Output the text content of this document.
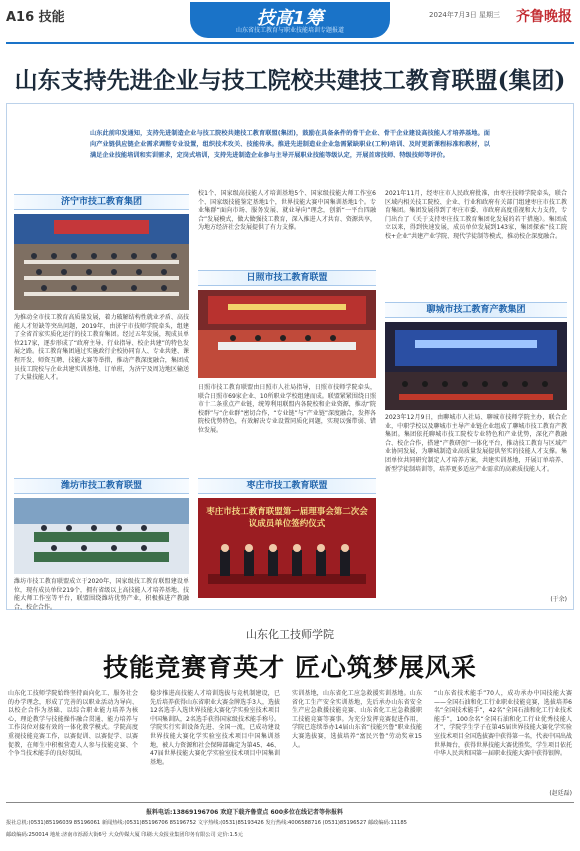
A16 技能	技高1筹
山东省技工教育与职业技能培训专题报道
2024年7月3日 星期三 齐鲁晚报
山东支持先进企业与技工院校共建技工教育联盟(集团)
山东此前印发通知，支持先进制造企业与技工院校共建技工教育联盟(集团)，鼓励在具备条件的骨干企业、骨干企业建设高技能人才培养基地。面向产业链供应链企业需求调整专业设置，组织技术攻关、技能传承。推进先进制造业企业急需紧缺职业(工种)培训、及时更新课程标准和教材，以满足企业技能培训和实训需求，定岗式培训，支持先进制造企业参与主导开展职业技能等级认定，开展首席技师、特级技师等评价。
济宁市技工教育集团
为推动全市技工教育高质量发展，着力破解结构性就业矛盾、高技能人才短缺等突出问题，2019年，由济宁市技师学院牵头，组建了全省首家实质化运行的技工教育集团。经过五年发展，现成员单位217家，逐步形成了“政府主导、行业指导、校企共建”的特色发展之路。技工教育集团通过实施政行企校协同育人、专业共建、课程开发、师资互聘、技能大赛等举措，推动产教深度融合，集团成员技工院校与企业共建实训基地、订单班，为济宁及周边地区输送了大量技能人才。
潍坊市技工教育联盟
潍坊市技工教育联盟成立于2020年，国家级技工教育联盟建设单位，现有成员单位219个，拥有省级以上高技能人才培养基地、技能大师工作室等平台，联盟围绕潍坊优势产业，积极推进产教融合、校企合作。
校1个、国家级高技能人才培训基地5个、国家级技能大师工作室6个、国家级技能鉴定基地1个，世界技能大赛中国集训基地1个。专业集群“面向市场、服务发展、就业导向”理念，创新“一平台四融合”发展模式，做大做强技工教育，深入推进人才共育、资源共享，为地方经济社会发展提供了有力支撑。
日照市技工教育联盟
日照市技工教育联盟由日照市人社局指导，日照市技师学院牵头，联合日照市69家企业、10所职业学校组建而成。联盟紧紧围绕日照市十二条重点产业链，统筹利用联盟内各院校和企业资源，推动“院校群”与“企业群”密切合作，“专业链”与“产业链”深度融合，发挥各院校优势特色，有效解决专业设置同质化问题，实现以强带弱、错位发展。
枣庄市技工教育联盟
枣庄市技工教育联盟第一届理事会第二次会议成员单位签约仪式
2021年11月，经枣庄市人民政府批准，由枣庄技师学院牵头，联合区域内相关技工院校、企业、行业和政府有关部门组建枣庄市技工教育集团。集团发展得到了枣庄市委、市政府高度重视和大力支持，专门出台了《关于支持枣庄技工教育集团化发展的若干措施》。集团成立以来，得到快速发展，成员单位发展到143家，集团探索“技工院校+企业”共建产业学院、现代学徒制等模式，推动校企深度融合。
聊城市技工教育产教集团
2023年12月9日，由聊城市人社局、聊城市技师学院主办，联合企业，中职学校以及聊城市主导产业链企业组成了聊城市技工教育产教集团。集团依托聊城市技工院校专业特色和产业优势，深化产教融合、校企合作，搭建“产教研创”一体化平台，推动技工教育与区域产业协同发展，为聊城制造业高质量发展提供坚实的技能人才支撑。集团单位共同研究制定人才培养方案，共建实训基地，开展订单培养、新型学徒制培训等，培养更多适应产业需求的高素质技能人才。
(于余)
山东化工技师学院
技能竞赛育英才 匠心筑梦展风采
山东化工技师学院始终坚持面向化工、服务社会的办学理念，形成了完善的以职业活动为导向、以校企合作为基础、以综合职业能力培养为核心，理论教学与技能操作融合贯通、能力培养与工作岗位对接有效的一体化教学模式。学院高度重视技能竞赛工作，以赛促训、以赛促学、以赛促教，在师生中积极营造人人参与技能竞赛、个个争当技术能手的良好氛围。
稳步推进高技能人才培训选拔与竞机制建设，已先后培养获得山东省职业大赛金牌选手3人，选拔12名选手入选世界技能大赛化学实验室技术项目中国集训队，2名选手获得国家级技术能手称号。学院实行实训设备先进、全国一流，已成功建设世界技能大赛化学实验室技术项目中国集训基地，被人力资源和社会保障部确定为第45、46、47届世界技能大赛化学实验室技术项目中国集训基地。
实训基地，山东省化工应急救援实训基地。山东省化工生产安全实训基地，先后承办山东省安全生产应急救援技能竞赛、山东省化工应急救援职工技能竞赛等赛事。为充分发挥竞赛促进作用，学院已连续举办14届山东省“技能兴鲁”职业技能大赛选拔赛，选拔培养“富民兴鲁”劳动奖章15人。
“山东省技术能手”70人，成功承办中国技能大赛——全国石油和化工行业职业技能竞赛，选拔培养6名“全国技术能手”，42名“全国石油和化工行业技术能手”，100余名“全国石油和化工行业优秀技能人才”，学院学生学子在第45届世界技能大赛化学实验室技术项目全国选拔赛中获得第一名，代表中国出战世界舞台，获得世界技能大赛优胜奖，学生项目依托中华人民共和国第一届职业技能大赛中获得银牌。
(赵廷磊)
报料电话:13869196706 欢迎下载齐鲁壹点 600多位在线记者等你报料
报社总机:(0531)85196039 85196061 新闻热线:(0531)85196706 85196752 文字热线:(0531)85193426 发行热线:4006588716 (0531)85196527 邮政编码:11185
邮政编码:250014 地址:济南市泺源大街6号 大众传媒大厦 印刷:大众报业集团印务有限公司 定价:1.5元
